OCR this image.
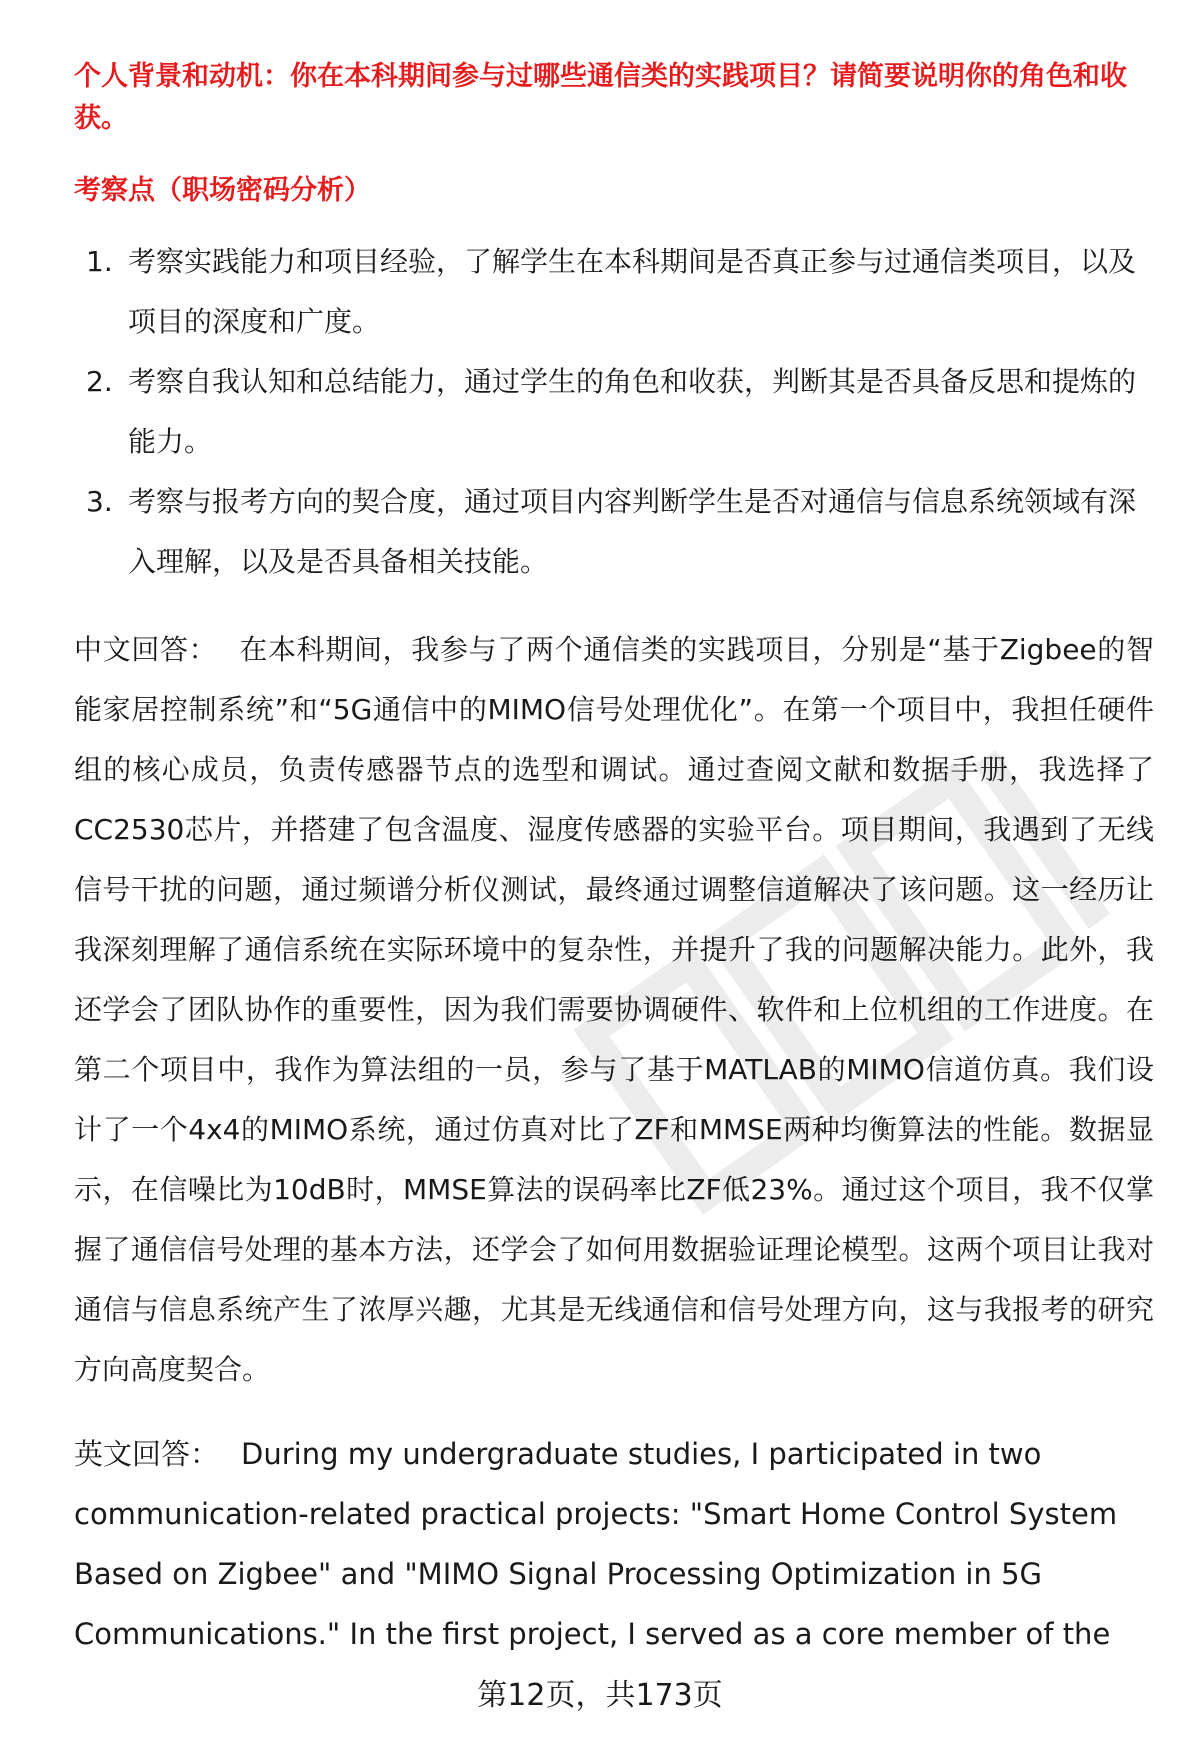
个人背景和动机：你在本科期间参与过哪些通信类的实践项目？请简要说明你的角色和收获。

考察点（职场密码分析）

1. 考察实践能力和项目经验，了解学生在本科期间是否真正参与过通信类项目，以及项目的深度和广度。
2. 考察自我认知和总结能力，通过学生的角色和收获，判断其是否具备反思和提炼的能力。
3. 考察与报考方向的契合度，通过项目内容判断学生是否对通信与信息系统领域有深入理解，以及是否具备相关技能。

中文回答： 在本科期间，我参与了两个通信类的实践项目，分别是“基于Zigbee的智能家居控制系统”和“5G通信中的MIMO信号处理优化”。在第一个项目中，我担任硬件组的核心成员，负责传感器节点的选型和调试。通过查阅文献和数据手册，我选择了CC2530芯片，并搭建了包含温度、湿度传感器的实验平台。项目期间，我遇到了无线信号干扰的问题，通过频谱分析仪测试，最终通过调整信道解决了该问题。这一经历让我深刻理解了通信系统在实际环境中的复杂性，并提升了我的问题解决能力。此外，我还学会了团队协作的重要性，因为我们需要协调硬件、软件和上位机组的工作进度。在第二个项目中，我作为算法组的一员，参与了基于MATLAB的MIMO信道仿真。我们设计了一个4x4的MIMO系统，通过仿真对比了ZF和MMSE两种均衡算法的性能。数据显示，在信噪比为10dB时，MMSE算法的误码率比ZF低23%。通过这个项目，我不仅掌握了通信信号处理的基本方法，还学会了如何用数据验证理论模型。这两个项目让我对通信与信息系统产生了浓厚兴趣，尤其是无线通信和信号处理方向，这与我报考的研究方向高度契合。

英文回答： During my undergraduate studies, I participated in two communication-related practical projects: "Smart Home Control System Based on Zigbee" and "MIMO Signal Processing Optimization in 5G Communications." In the first project, I served as a core member of the

第12页，共173页
